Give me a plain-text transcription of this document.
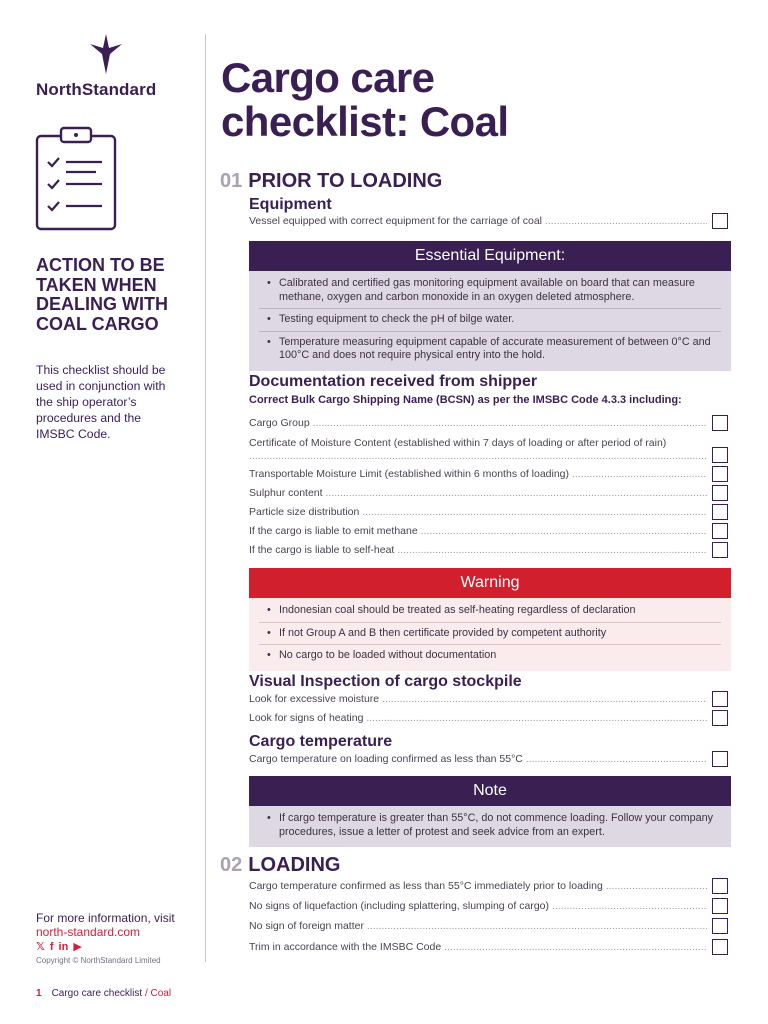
NorthStandard
ACTION TO BE TAKEN WHEN DEALING WITH COAL CARGO
This checklist should be used in conjunction with the ship operator’s procedures and the IMSBC Code.
For more information, visit
north-standard.com
𝕏 f in ▶
Copyright © NorthStandard Limited
1 Cargo care checklist / Coal
Cargo care
checklist: Coal
01 PRIOR TO LOADING
Equipment
Vessel equipped with correct equipment for the carriage of coal .....
Essential Equipment:
• Calibrated and certified gas monitoring equipment available on board that can measure methane, oxygen and carbon monoxide in an oxygen deleted atmosphere.
• Testing equipment to check the pH of bilge water.
• Temperature measuring equipment capable of accurate measurement of between 0°C and 100°C and does not require physical entry into the hold.
Documentation received from shipper
Correct Bulk Cargo Shipping Name (BCSN) as per the IMSBC Code 4.3.3 including:
Cargo Group .....
Certificate of Moisture Content (established within 7 days of loading or after period of rain) .....
Transportable Moisture Limit (established within 6 months of loading) .....
Sulphur content .....
Particle size distribution .....
If the cargo is liable to emit methane .....
If the cargo is liable to self-heat .....
Warning
• Indonesian coal should be treated as self-heating regardless of declaration
• If not Group A and B then certificate provided by competent authority
• No cargo to be loaded without documentation
Visual Inspection of cargo stockpile
Look for excessive moisture .....
Look for signs of heating .....
Cargo temperature
Cargo temperature on loading confirmed as less than 55°C .....
Note
• If cargo temperature is greater than 55°C, do not commence loading. Follow your company procedures, issue a letter of protest and seek advice from an expert.
02 LOADING
Cargo temperature confirmed as less than 55°C immediately prior to loading .....
No signs of liquefaction (including splattering, slumping of cargo) .....
No sign of foreign matter .....
Trim in accordance with the IMSBC Code .....
